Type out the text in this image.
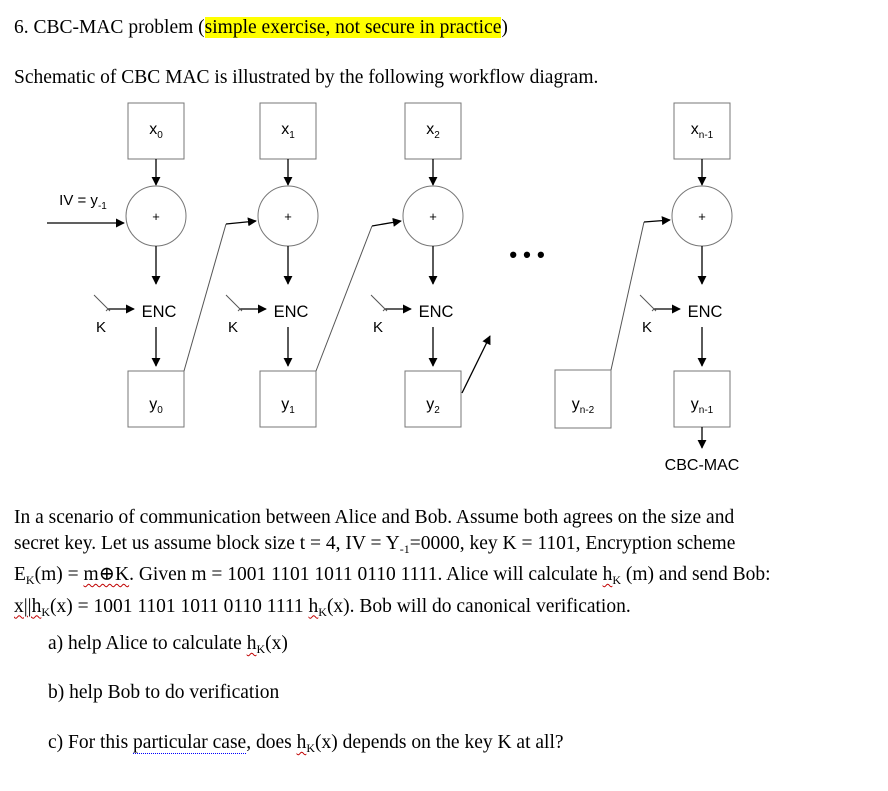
6. CBC-MAC problem (simple exercise, not secure in practice)
Schematic of CBC MAC is illustrated by the following workflow diagram.
$x_0$
+
ENC
K
$y_0$
$x_1$
+
ENC
K
$y_1$
$x_2$
+
ENC
K
$y_2$
$x_{n-1}$
+
ENC
K
$y_{n-1}$
IV = $y_{-1}$
$y_{n-2}$
• • •
CBC-MAC
In a scenario of communication between Alice and Bob. Assume both agrees on the size and
secret key. Let us assume block size t = 4, IV = $Y_{-1}=0000$, key K = 1101, Encryption scheme
$E_K(m)$ = m⊕K. Given m = 1001 1101 1011 0110 1111. Alice will calculate $h_K$ (m) and send Bob:
$x||h_K(x) = 1001$ 1101 1011 0110 1111 $h_K(x)$. Bob will do canonical verification.
a) help Alice to calculate $h_K(x)$
b) help Bob to do verification
c) For this particular case, does $h_K(x)$ depends on the key K at all?
